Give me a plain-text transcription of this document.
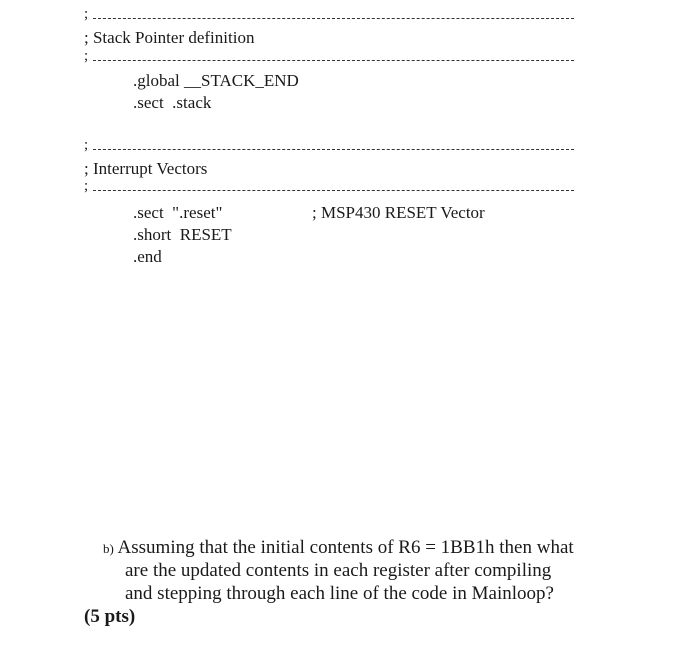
;
; Stack Pointer definition
;
.global __STACK_END
.sect  .stack
;
; Interrupt Vectors
;
.sect  ".reset"	; MSP430 RESET Vector
.short  RESET
.end
b) Assuming that the initial contents of R6 = 1BB1h then what
are the updated contents in each register after compiling
and stepping through each line of the code in Mainloop?
(5 pts)
